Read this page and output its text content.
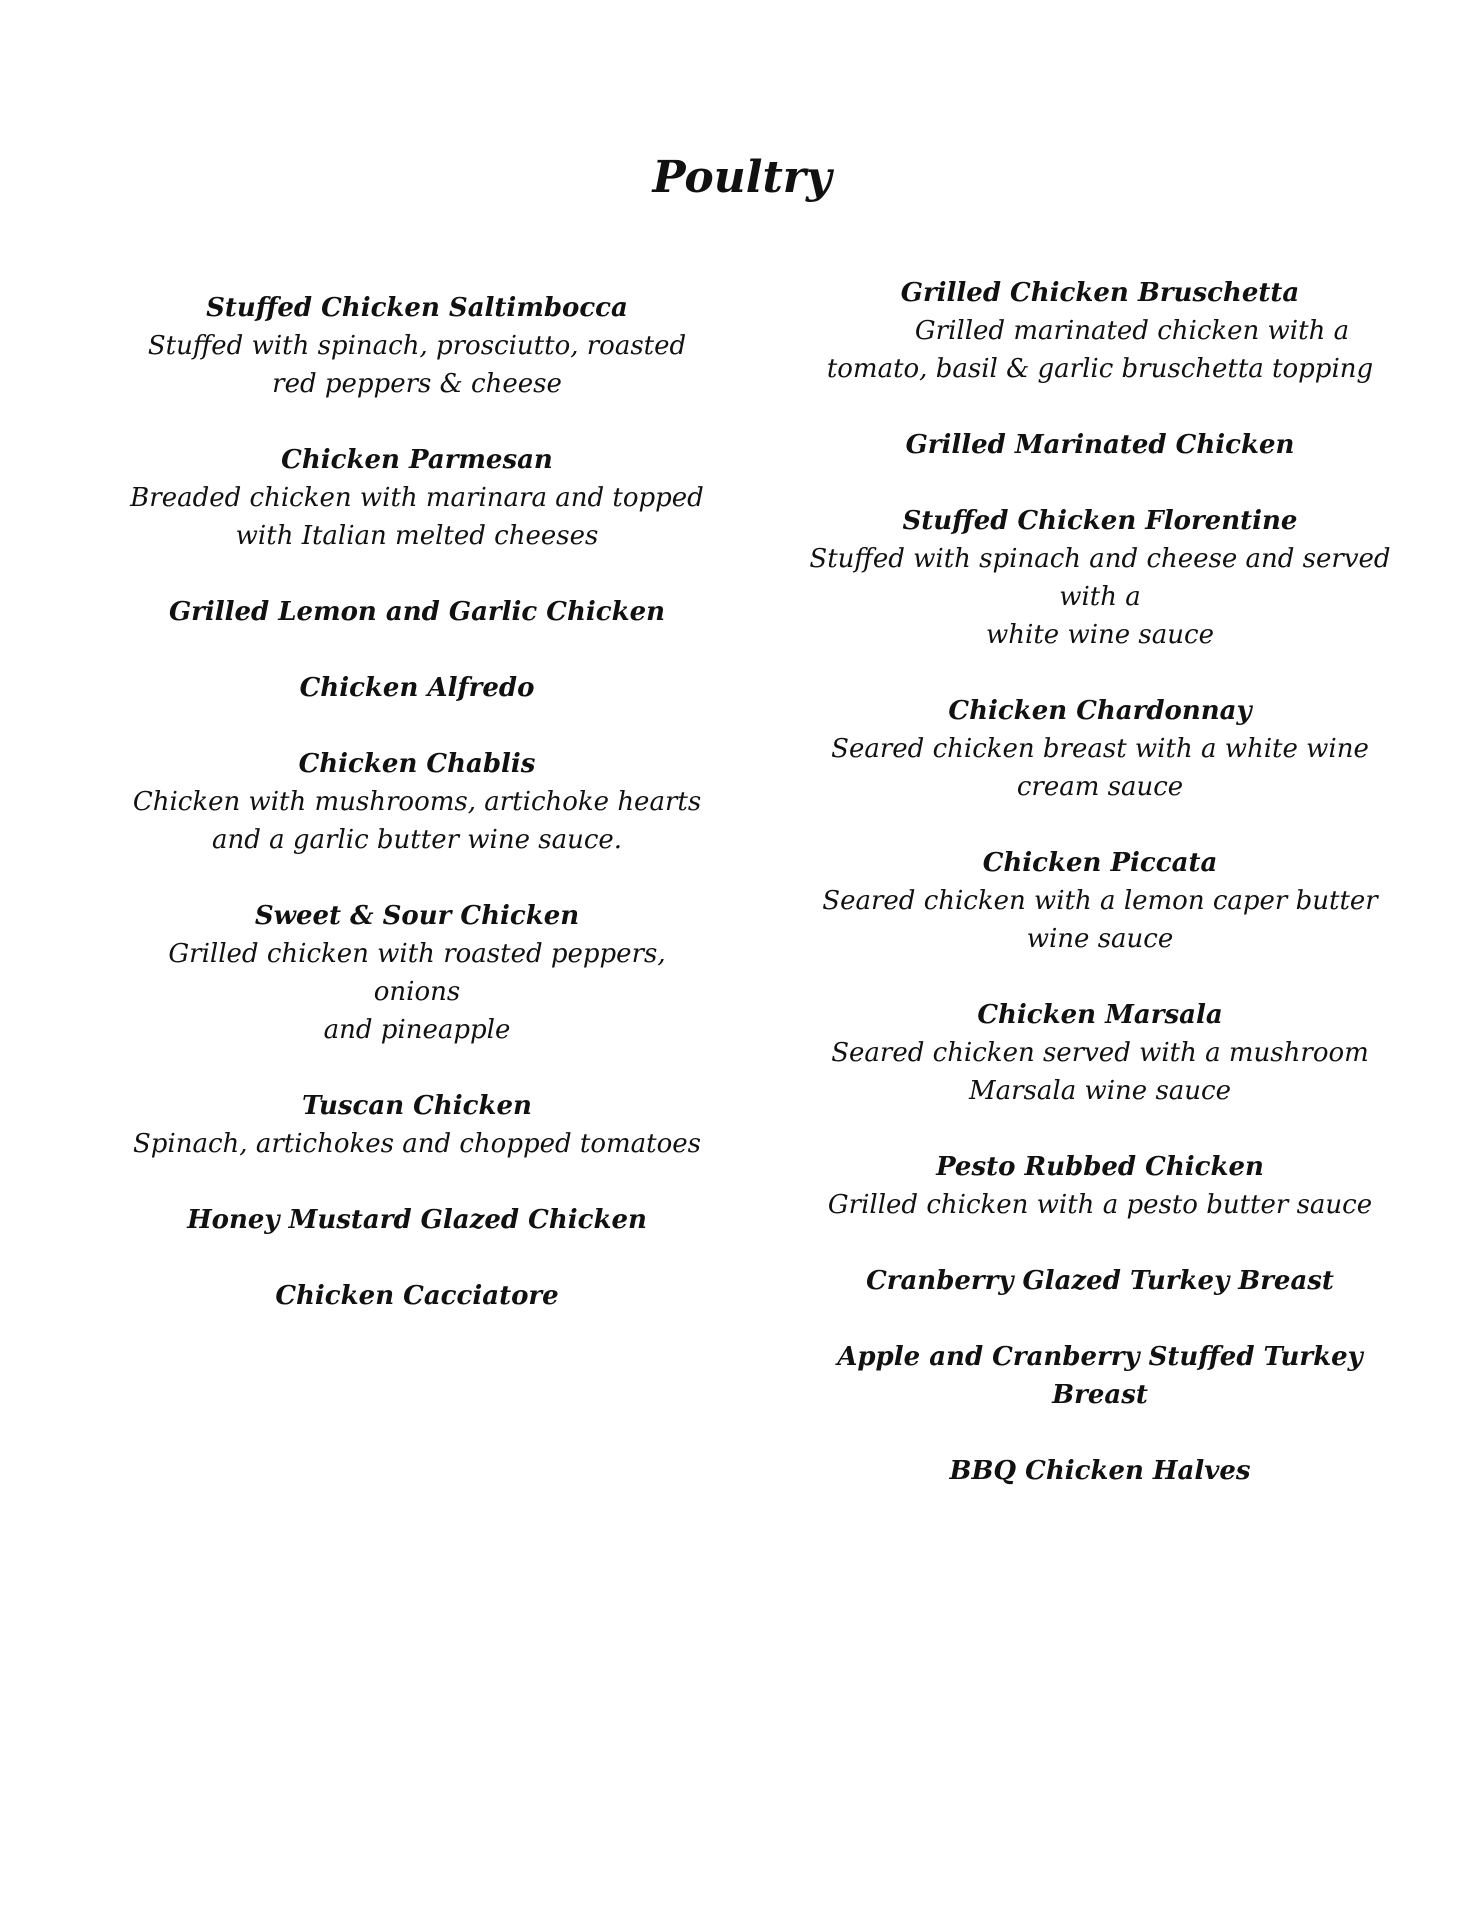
Poultry

Stuffed Chicken Saltimbocca

Stuffed with spinach, prosciutto, roasted
red peppers & cheese

Chicken Parmesan

Breaded chicken with marinara and topped
with Italian melted cheeses

Grilled Lemon and Garlic Chicken

Chicken Alfredo

Chicken Chablis

Chicken with mushrooms, artichoke hearts
and a garlic butter wine sauce.

Sweet & Sour Chicken

Grilled chicken with roasted peppers, onions
and pineapple

Tuscan Chicken

Spinach, artichokes and chopped tomatoes

Honey Mustard Glazed Chicken

Chicken Cacciatore

Grilled Chicken Bruschetta

Grilled marinated chicken with a
tomato, basil & garlic bruschetta topping

Grilled Marinated Chicken

Stuffed Chicken Florentine

Stuffed with spinach and cheese and served
with a
white wine sauce

Chicken Chardonnay

Seared chicken breast with a white wine
cream sauce

Chicken Piccata

Seared chicken with a lemon caper butter
wine sauce

Chicken Marsala

Seared chicken served with a mushroom
Marsala wine sauce

Pesto Rubbed Chicken

Grilled chicken with a pesto butter sauce

Cranberry Glazed Turkey Breast

Apple and Cranberry Stuffed Turkey
Breast

BBQ Chicken Halves
